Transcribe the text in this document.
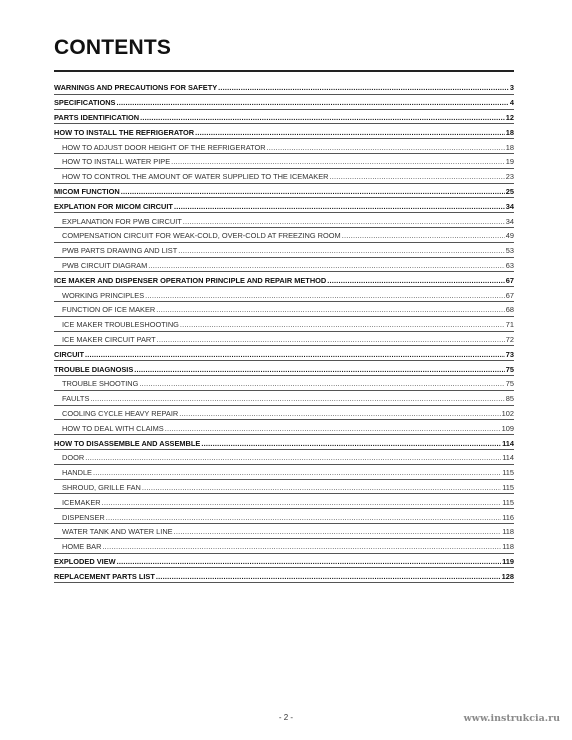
CONTENTS
WARNINGS AND PRECAUTIONS FOR SAFETY .....	3
SPECIFICATIONS .....	4
PARTS IDENTIFICATION .....	12
HOW TO INSTALL THE REFRIGERATOR .....	18
HOW TO ADJUST DOOR HEIGHT OF THE REFRIGERATOR .....	18
HOW TO INSTALL WATER PIPE .....	19
HOW TO CONTROL THE AMOUNT OF WATER SUPPLIED TO THE ICEMAKER .....	23
MICOM FUNCTION .....	25
EXPLATION FOR MICOM CIRCUIT .....	34
EXPLANATION FOR PWB CIRCUIT .....	34
COMPENSATION CIRCUIT FOR WEAK-COLD, OVER-COLD AT FREEZING ROOM .....	49
PWB PARTS DRAWING AND LIST .....	53
PWB CIRCUIT DIAGRAM .....	63
ICE MAKER AND DISPENSER OPERATION PRINCIPLE AND REPAIR METHOD .....	67
WORKING PRINCIPLES .....	67
FUNCTION OF ICE MAKER .....	68
ICE MAKER TROUBLESHOOTING .....	71
ICE MAKER CIRCUIT PART .....	72
CIRCUIT .....	73
TROUBLE DIAGNOSIS .....	75
TROUBLE SHOOTING .....	75
FAULTS .....	85
COOLING CYCLE HEAVY REPAIR .....	102
HOW TO DEAL WITH CLAIMS .....	109
HOW TO DISASSEMBLE AND ASSEMBLE .....	114
DOOR .....	114
HANDLE .....	115
SHROUD, GRILLE FAN .....	115
ICEMAKER .....	115
DISPENSER .....	116
WATER TANK AND WATER LINE .....	118
HOME BAR .....	118
EXPLODED VIEW .....	119
REPLACEMENT PARTS LIST .....	128
- 2 -	www.instrukcia.ru
